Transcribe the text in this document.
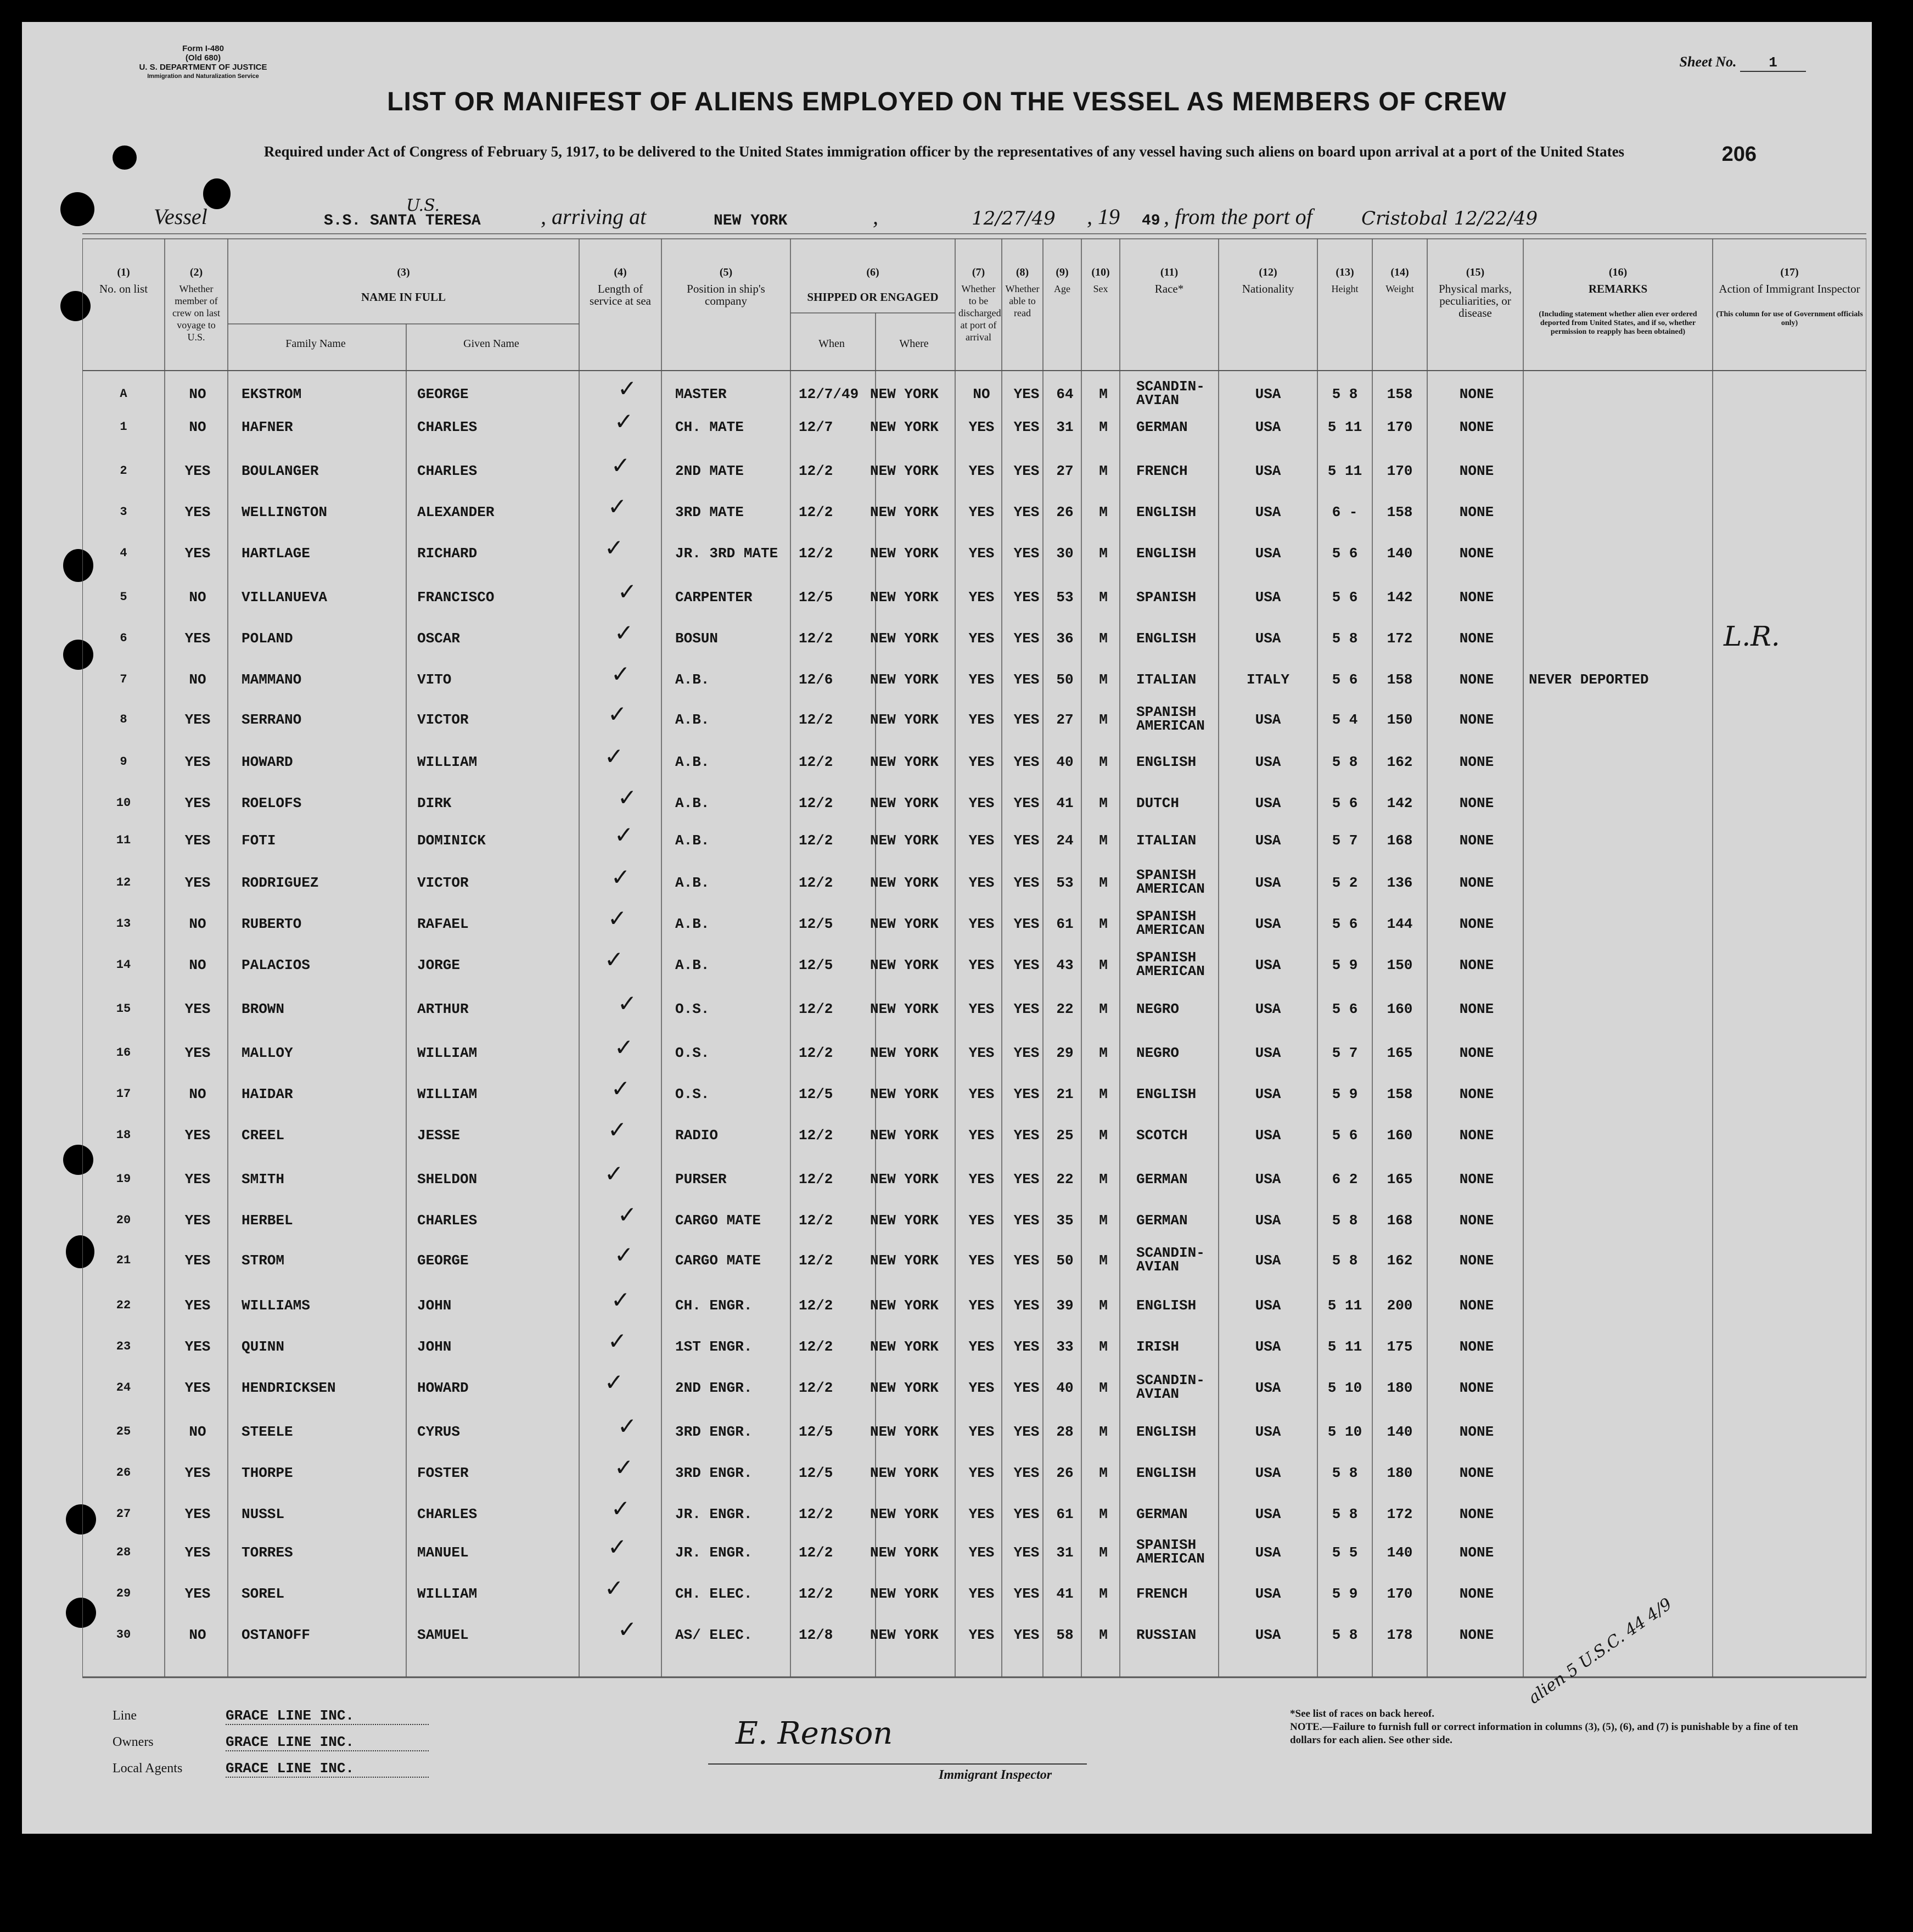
Form I-480
(Old 680)
U. S. DEPARTMENT OF JUSTICE
Immigration and Naturalization Service
Sheet No. 1
LIST OR MANIFEST OF ALIENS EMPLOYED ON THE VESSEL AS MEMBERS OF CREW
Required under Act of Congress of February 5, 1917, to be delivered to the United States immigration officer by the representatives of any vessel having such aliens on board upon arrival at a port of the United States	206
Vessel	U.S.
S.S. SANTA TERESA	, arriving at	NEW YORK	,	12/27/49 , 19 49 , from the port of	Cristobal 12/22/49
(1)
No. on list
(2)
Whether member of crew on last voyage to U.S.
(3)
NAME IN FULL
Family Name	Given Name
(4)
Length of service at sea
(5)
Position in ship's company
(6)
SHIPPED OR ENGAGED
When	Where
(7)
Whether to be discharged at port of arrival
(8)
Whether able to read
(9)
Age
(10)
Sex
(11)
Race*
(12)
Nationality
(13)
Height
(14)
Weight
(15)
Physical marks, peculiarities, or disease
(16)
REMARKS
(Including statement whether alien ever ordered deported from United States, and if so, whether permission to reapply has been obtained)
(17)
Action of Immigrant Inspector
(This column for use of Government officials only)
A	NO	EKSTROM	GEORGE	MASTER	12/7/49 NEW YORK	NO	YES	64	M	SCANDIN-	USA	5 8	158	NONE
AVIAN
✓
1	NO	HAFNER	CHARLES	CH. MATE	12/7	NEW YORK	YES	YES	31	M	GERMAN	USA	5 11	170	NONE
✓
2	YES	BOULANGER	CHARLES	2ND MATE	12/2	NEW YORK	YES	YES	27	M	FRENCH	USA	5 11	170	NONE
✓
3	YES	WELLINGTON	ALEXANDER	3RD MATE	12/2	NEW YORK	YES	YES	26	M	ENGLISH	USA	6 -	158	NONE
✓
4	YES	HARTLAGE	RICHARD	JR. 3RD MATE 12/2	NEW YORK	YES	YES	30	M	ENGLISH	USA	5 6	140	NONE
✓
5	NO	VILLANUEVA	FRANCISCO	CARPENTER	12/5	NEW YORK	YES	YES	53	M	SPANISH	USA	5 6	142	NONE
✓
6	YES	POLAND	OSCAR	BOSUN	12/2	NEW YORK	YES	YES	36	M	ENGLISH	USA	5 8	172	NONE
✓
7	NO	MAMMANO	VITO	A.B.	12/6	NEW YORK	YES	YES	50	M	ITALIAN	ITALY	5 6	158	NONE	NEVER DEPORTED
✓
8	YES	SERRANO	VICTOR	A.B.	12/2	NEW YORK	YES	YES	27	M	SPANISH	USA	5 4	150	NONE
AMERICAN
✓
9	YES	HOWARD	WILLIAM	A.B.	12/2	NEW YORK	YES	YES	40	M	ENGLISH	USA	5 8	162	NONE
✓
10	YES	ROELOFS	DIRK	A.B.	12/2	NEW YORK	YES	YES	41	M	DUTCH	USA	5 6	142	NONE
✓
11	YES	FOTI	DOMINICK	A.B.	12/2	NEW YORK	YES	YES	24	M	ITALIAN	USA	5 7	168	NONE
✓
12	YES	RODRIGUEZ	VICTOR	A.B.	12/2	NEW YORK	YES	YES	53	M	SPANISH	USA	5 2	136	NONE
AMERICAN
✓
13	NO	RUBERTO	RAFAEL	A.B.	12/5	NEW YORK	YES	YES	61	M	SPANISH	USA	5 6	144	NONE
AMERICAN
✓
14	NO	PALACIOS	JORGE	A.B.	12/5	NEW YORK	YES	YES	43	M	SPANISH	USA	5 9	150	NONE
AMERICAN
✓
15	YES	BROWN	ARTHUR	O.S.	12/2	NEW YORK	YES	YES	22	M	NEGRO	USA	5 6	160	NONE
✓
16	YES	MALLOY	WILLIAM	O.S.	12/2	NEW YORK	YES	YES	29	M	NEGRO	USA	5 7	165	NONE
✓
17	NO	HAIDAR	WILLIAM	O.S.	12/5	NEW YORK	YES	YES	21	M	ENGLISH	USA	5 9	158	NONE
✓
18	YES	CREEL	JESSE	RADIO	12/2	NEW YORK	YES	YES	25	M	SCOTCH	USA	5 6	160	NONE
✓
19	YES	SMITH	SHELDON	PURSER	12/2	NEW YORK	YES	YES	22	M	GERMAN	USA	6 2	165	NONE
✓
20	YES	HERBEL	CHARLES	CARGO MATE	12/2	NEW YORK	YES	YES	35	M	GERMAN	USA	5 8	168	NONE
✓
21	YES	STROM	GEORGE	CARGO MATE	12/2	NEW YORK	YES	YES	50	M	SCANDIN-	USA	5 8	162	NONE
AVIAN
✓
22	YES	WILLIAMS	JOHN	CH. ENGR.	12/2	NEW YORK	YES	YES	39	M	ENGLISH	USA	5 11	200	NONE
✓
23	YES	QUINN	JOHN	1ST ENGR.	12/2	NEW YORK	YES	YES	33	M	IRISH	USA	5 11	175	NONE
✓
24	YES	HENDRICKSEN	HOWARD	2ND ENGR.	12/2	NEW YORK	YES	YES	40	M	SCANDIN-	USA	5 10	180	NONE
AVIAN
✓
25	NO	STEELE	CYRUS	3RD ENGR.	12/5	NEW YORK	YES	YES	28	M	ENGLISH	USA	5 10	140	NONE
✓
26	YES	THORPE	FOSTER	3RD ENGR.	12/5	NEW YORK	YES	YES	26	M	ENGLISH	USA	5 8	180	NONE
✓
27	YES	NUSSL	CHARLES	JR. ENGR.	12/2	NEW YORK	YES	YES	61	M	GERMAN	USA	5 8	172	NONE
✓
28	YES	TORRES	MANUEL	JR. ENGR.	12/2	NEW YORK	YES	YES	31	M	SPANISH	USA	5 5	140	NONE
AMERICAN
✓
29	YES	SOREL	WILLIAM	CH. ELEC.	12/2	NEW YORK	YES	YES	41	M	FRENCH	USA	5 9	170	NONE
✓
30	NO	OSTANOFF	SAMUEL	AS/ ELEC.	12/8	NEW YORK	YES	YES	58	M	RUSSIAN	USA	5 8	178	NONE
✓
L.R.
alien 5 U.S.C. 44 4/9
Line	GRACE LINE INC.
Owners	GRACE LINE INC.
Local Agents	GRACE LINE INC.
E. Renson
Immigrant Inspector
*See list of races on back hereof.
NOTE.—Failure to furnish full or correct information in columns (3), (5), (6), and (7) is punishable by a fine of ten dollars for each alien. See other side.
